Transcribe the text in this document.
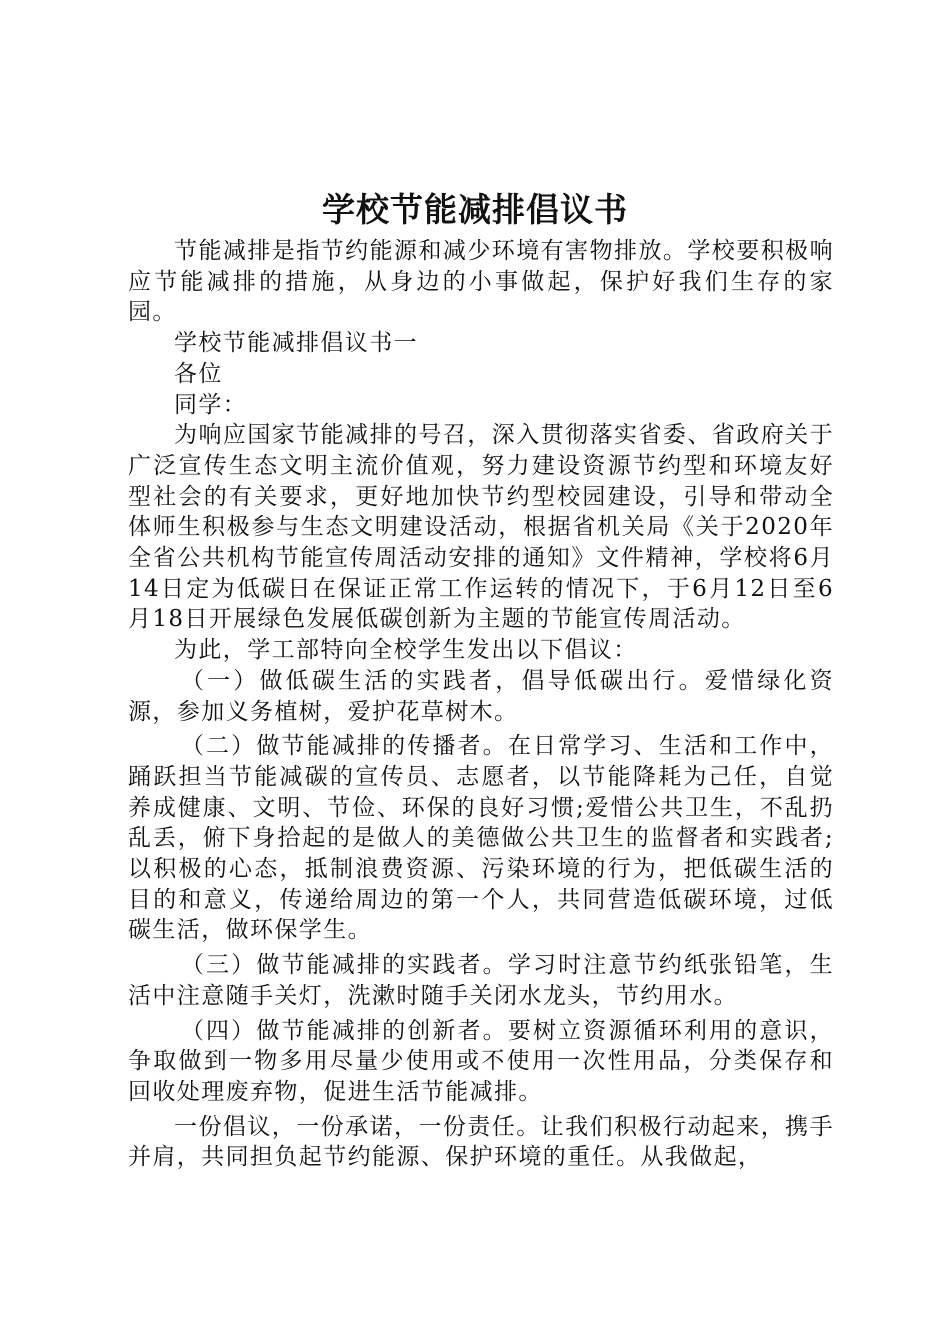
学校节能减排倡议书

节能减排是指节约能源和减少环境有害物排放。学校要积极响应节能减排的措施，从身边的小事做起，保护好我们生存的家园。

学校节能减排倡议书一

各位

同学：

为响应国家节能减排的号召，深入贯彻落实省委、省政府关于广泛宣传生态文明主流价值观，努力建设资源节约型和环境友好型社会的有关要求，更好地加快节约型校园建设，引导和带动全体师生积极参与生态文明建设活动，根据省机关局《关于2020年全省公共机构节能宣传周活动安排的通知》文件精神，学校将6月14日定为低碳日在保证正常工作运转的情况下，于6月12日至6月18日开展绿色发展低碳创新为主题的节能宣传周活动。

为此，学工部特向全校学生发出以下倡议：

（一）做低碳生活的实践者，倡导低碳出行。爱惜绿化资源，参加义务植树，爱护花草树木。

（二）做节能减排的传播者。在日常学习、生活和工作中，踊跃担当节能减碳的宣传员、志愿者，以节能降耗为己任，自觉养成健康、文明、节俭、环保的良好习惯;爱惜公共卫生，不乱扔乱丢，俯下身拾起的是做人的美德做公共卫生的监督者和实践者;以积极的心态，抵制浪费资源、污染环境的行为，把低碳生活的目的和意义，传递给周边的第一个人，共同营造低碳环境，过低碳生活，做环保学生。

（三）做节能减排的实践者。学习时注意节约纸张铅笔，生活中注意随手关灯，洗漱时随手关闭水龙头，节约用水。

（四）做节能减排的创新者。要树立资源循环利用的意识，争取做到一物多用尽量少使用或不使用一次性用品，分类保存和回收处理废弃物，促进生活节能减排。

一份倡议，一份承诺，一份责任。让我们积极行动起来，携手并肩，共同担负起节约能源、保护环境的重任。从我做起，
